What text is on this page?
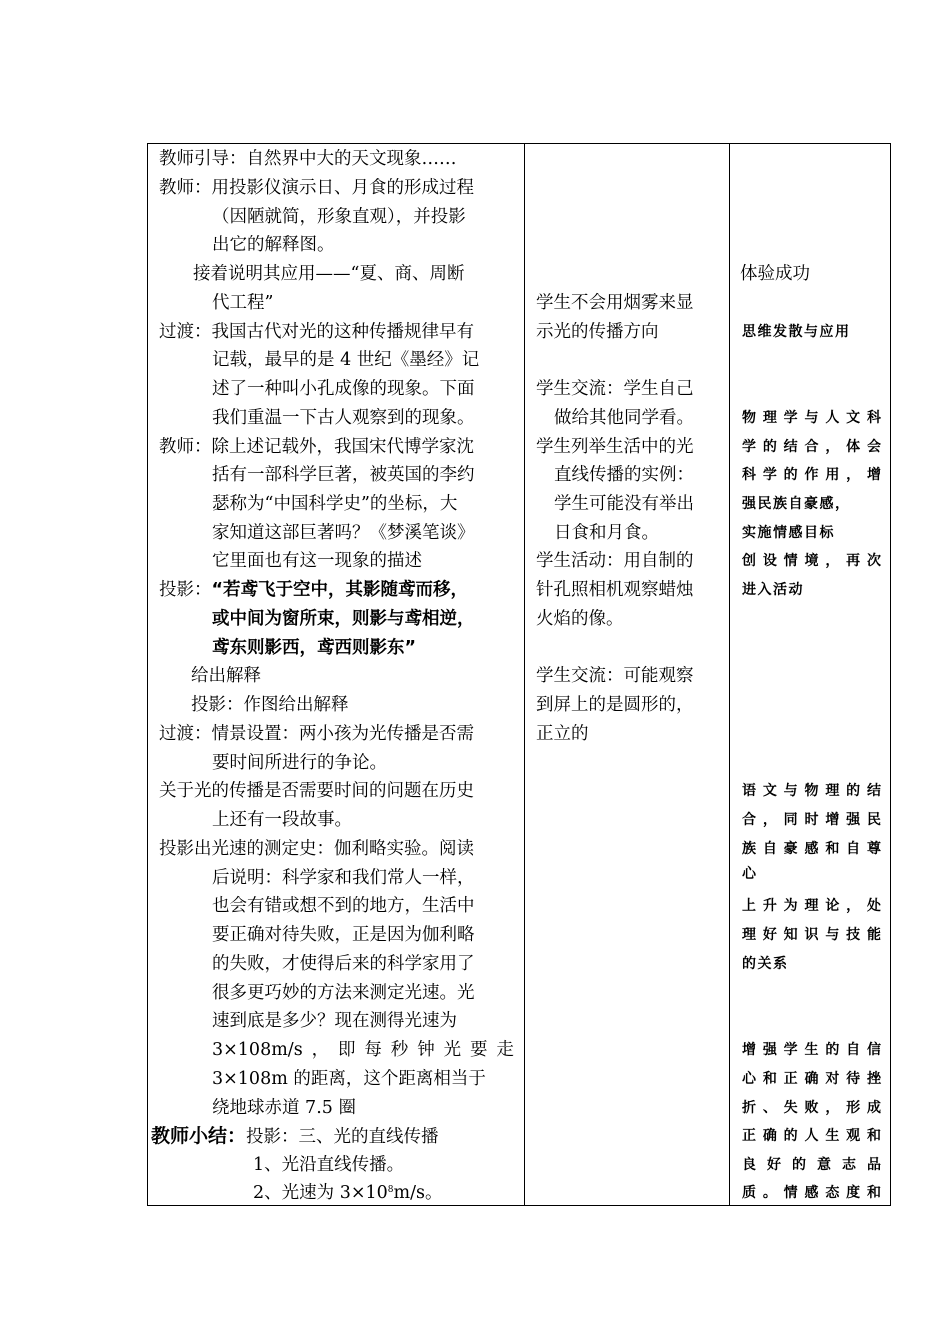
教师引导：自然界中大的天文现象……
教师：用投影仪演示日、月食的形成过程
（因陋就简，形象直观），并投影
出它的解释图。
接着说明其应用——“夏、商、周断
代工程”
过渡：我国古代对光的这种传播规律早有
记载，最早的是 4 世纪《墨经》记
述了一种叫小孔成像的现象。下面
我们重温一下古人观察到的现象。
教师：除上述记载外，我国宋代博学家沈
括有一部科学巨著，被英国的李约
瑟称为“中国科学史”的坐标，大
家知道这部巨著吗？《梦溪笔谈》
它里面也有这一现象的描述
投影：“若鸢飞于空中，其影随鸢而移，
或中间为窗所束，则影与鸢相逆，
鸢东则影西，鸢西则影东”
给出解释
投影：作图给出解释
过渡：情景设置：两小孩为光传播是否需
要时间所进行的争论。
关于光的传播是否需要时间的问题在历史
上还有一段故事。
投影出光速的测定史：伽利略实验。阅读
后说明：科学家和我们常人一样，
也会有错或想不到的地方，生活中
要正确对待失败，正是因为伽利略
的失败，才使得后来的科学家用了
很多更巧妙的方法来测定光速。光
速到底是多少？现在测得光速为
3×108m/s ， 即 每 秒 钟 光 要 走
3×108m 的距离，这个距离相当于
绕地球赤道 7.5 圈
教师小结：投影：三、光的直线传播
1、光沿直线传播。
2、光速为 $3\times 10^8m/s$。
学生不会用烟雾来显
示光的传播方向
学生交流：学生自己
做给其他同学看。
学生列举生活中的光
直线传播的实例：
学生可能没有举出
日食和月食。
学生活动：用自制的
针孔照相机观察蜡烛
火焰的像。
学生交流：可能观察
到屏上的是圆形的，
正立的
体验成功
思维发散与应用
物 理 学 与 人 文 科
学 的 结 合 ， 体 会
科 学 的 作 用 ， 增
强民族自豪感，
实施情感目标
创 设 情 境 ， 再 次
进入活动
语 文 与 物 理 的 结
合 ， 同 时 增 强 民
族 自 豪 感 和 自 尊
心
上 升 为 理 论 ， 处
理 好 知 识 与 技 能
的关系
增 强 学 生 的 自 信
心 和 正 确 对 待 挫
折 、 失 败 ， 形 成
正 确 的 人 生 观 和
良 好 的 意 志 品
质 。 情 感 态 度 和
